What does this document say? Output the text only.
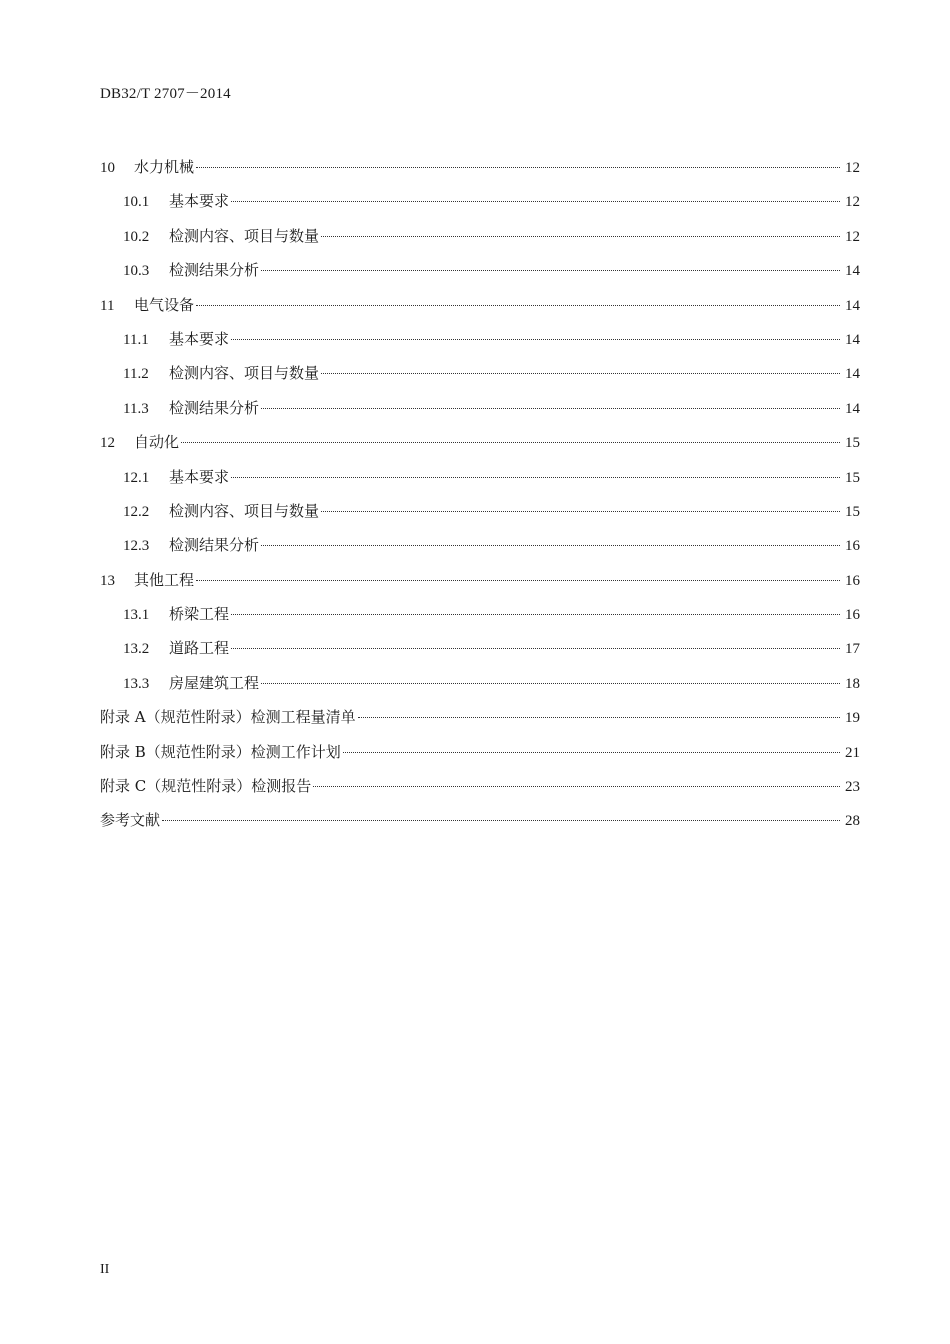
DB32/T 2707－2014
10	水力机械	12
10.1	基本要求	12
10.2	检测内容、项目与数量	12
10.3	检测结果分析	14
11	电气设备	14
11.1	基本要求	14
11.2	检测内容、项目与数量	14
11.3	检测结果分析	14
12	自动化	15
12.1	基本要求	15
12.2	检测内容、项目与数量	15
12.3	检测结果分析	16
13	其他工程	16
13.1	桥梁工程	16
13.2	道路工程	17
13.3	房屋建筑工程	18
附录 A（规范性附录）检测工程量清单	19
附录 B（规范性附录）检测工作计划	21
附录 C（规范性附录）检测报告	23
参考文献	28
II
